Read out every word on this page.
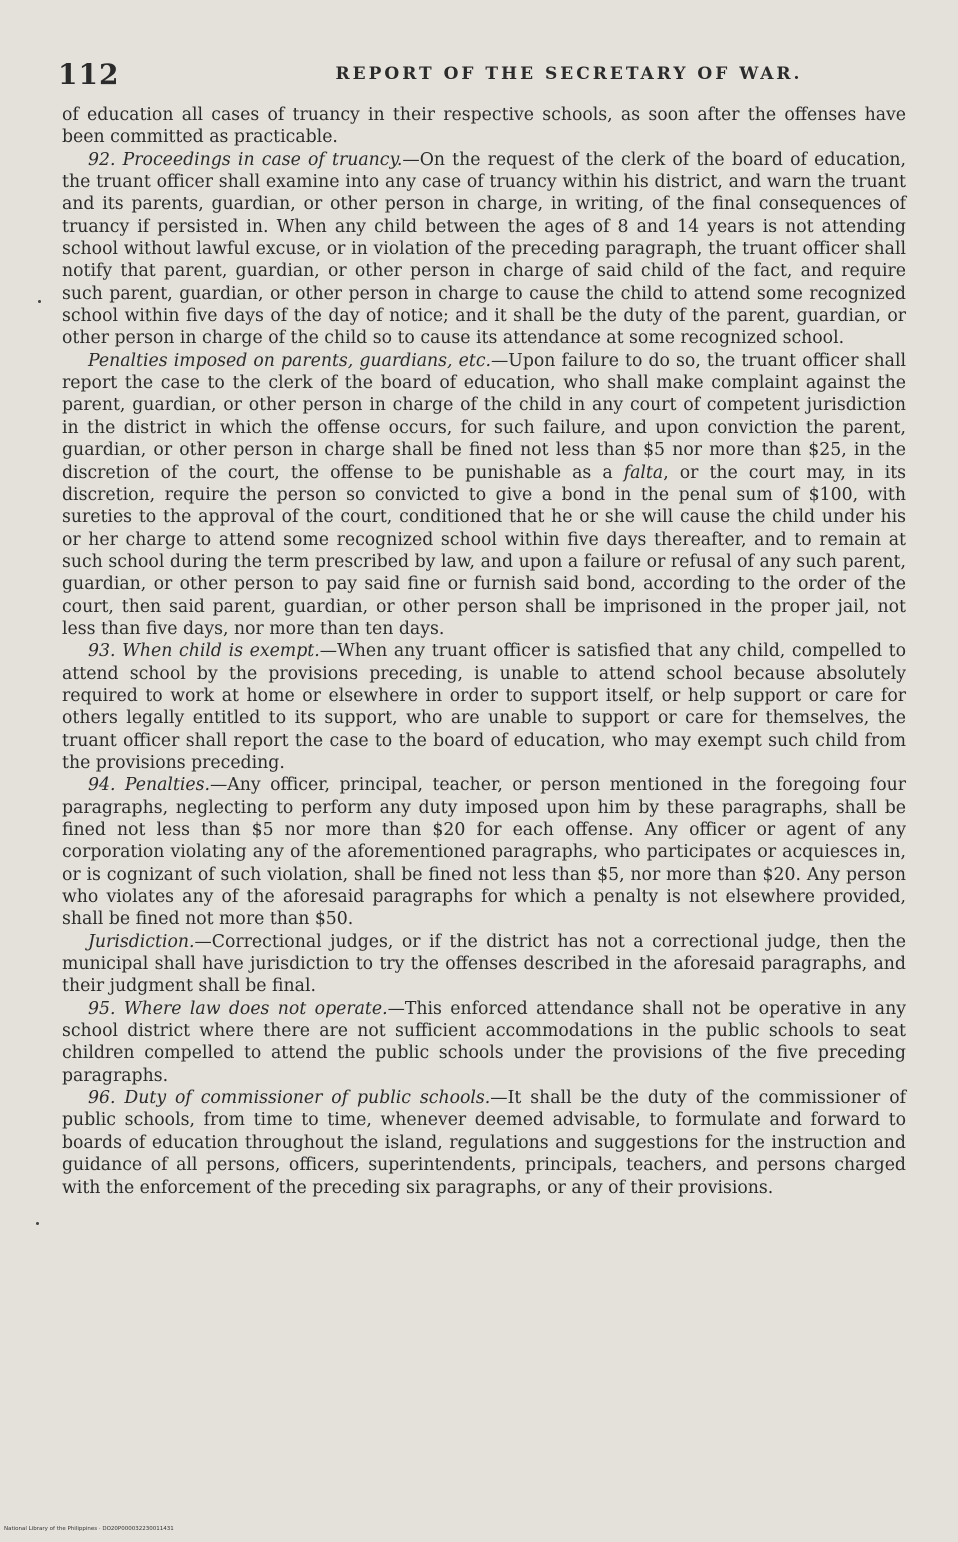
112	REPORT OF THE SECRETARY OF WAR.

of education all cases of truancy in their respective schools, as soon after the offenses have been committed as practicable.

92. Proceedings in case of truancy.—On the request of the clerk of the board of education, the truant officer shall examine into any case of truancy within his district, and warn the truant and its parents, guardian, or other person in charge, in writing, of the final consequences of truancy if persisted in. When any child between the ages of 8 and 14 years is not attending school without lawful excuse, or in violation of the preceding paragraph, the truant officer shall notify that parent, guardian, or other person in charge of said child of the fact, and require such parent, guardian, or other person in charge to cause the child to attend some recognized school within five days of the day of notice; and it shall be the duty of the parent, guardian, or other person in charge of the child so to cause its attendance at some recognized school.

Penalties imposed on parents, guardians, etc.—Upon failure to do so, the truant officer shall report the case to the clerk of the board of education, who shall make complaint against the parent, guardian, or other person in charge of the child in any court of competent jurisdiction in the district in which the offense occurs, for such failure, and upon conviction the parent, guardian, or other person in charge shall be fined not less than $5 nor more than $25, in the discretion of the court, the offense to be punishable as a falta, or the court may, in its discretion, require the person so convicted to give a bond in the penal sum of $100, with sureties to the approval of the court, conditioned that he or she will cause the child under his or her charge to attend some recognized school within five days thereafter, and to remain at such school during the term prescribed by law, and upon a failure or refusal of any such parent, guardian, or other person to pay said fine or furnish said bond, according to the order of the court, then said parent, guardian, or other person shall be imprisoned in the proper jail, not less than five days, nor more than ten days.

93. When child is exempt.—When any truant officer is satisfied that any child, compelled to attend school by the provisions preceding, is unable to attend school because absolutely required to work at home or elsewhere in order to support itself, or help support or care for others legally entitled to its support, who are unable to support or care for themselves, the truant officer shall report the case to the board of education, who may exempt such child from the provisions preceding.

94. Penalties.—Any officer, principal, teacher, or person mentioned in the foregoing four paragraphs, neglecting to perform any duty imposed upon him by these paragraphs, shall be fined not less than $5 nor more than $20 for each offense. Any officer or agent of any corporation violating any of the aforementioned paragraphs, who participates or acquiesces in, or is cognizant of such violation, shall be fined not less than $5, nor more than $20. Any person who violates any of the aforesaid paragraphs for which a penalty is not elsewhere provided, shall be fined not more than $50.

Jurisdiction.—Correctional judges, or if the district has not a correctional judge, then the municipal shall have jurisdiction to try the offenses described in the aforesaid paragraphs, and their judgment shall be final.

95. Where law does not operate.—This enforced attendance shall not be operative in any school district where there are not sufficient accommodations in the public schools to seat children compelled to attend the public schools under the provisions of the five preceding paragraphs.

96. Duty of commissioner of public schools.—It shall be the duty of the commissioner of public schools, from time to time, whenever deemed advisable, to formulate and forward to boards of education throughout the island, regulations and suggestions for the instruction and guidance of all persons, officers, superintendents, principals, teachers, and persons charged with the enforcement of the preceding six paragraphs, or any of their provisions.

National Library of the Philippines · DO20P000032230011431
